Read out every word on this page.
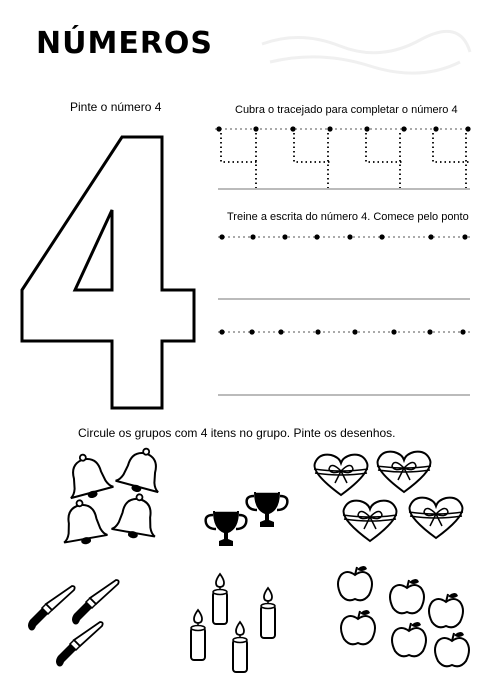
NÚMEROS
Pinte o número 4	Cubra o tracejado para completar o número 4
Treine a escrita do número 4. Comece pelo ponto
Circule os grupos com 4 itens no grupo. Pinte os desenhos.
